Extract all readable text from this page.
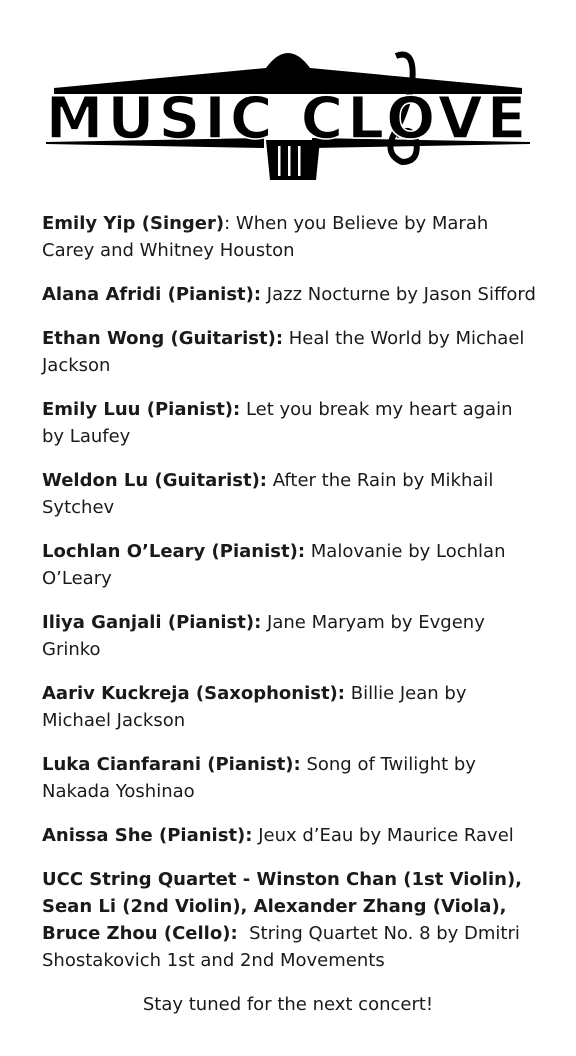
MUSIC CLOVE
Emily Yip (Singer): When you Believe by Marah Carey and Whitney Houston
Alana Afridi (Pianist): Jazz Nocturne by Jason Sifford
Ethan Wong (Guitarist): Heal the World by Michael Jackson
Emily Luu (Pianist): Let you break my heart again by Laufey
Weldon Lu (Guitarist): After the Rain by Mikhail Sytchev
Lochlan O’Leary (Pianist): Malovanie by Lochlan O’Leary
Iliya Ganjali (Pianist): Jane Maryam by Evgeny Grinko
Aariv Kuckreja (Saxophonist): Billie Jean by Michael Jackson
Luka Cianfarani (Pianist): Song of Twilight by Nakada Yoshinao
Anissa She (Pianist): Jeux d’Eau by Maurice Ravel
UCC String Quartet - Winston Chan (1st Violin), Sean Li (2nd Violin), Alexander Zhang (Viola), Bruce Zhou (Cello):  String Quartet No. 8 by Dmitri Shostakovich 1st and 2nd Movements
Stay tuned for the next concert!
